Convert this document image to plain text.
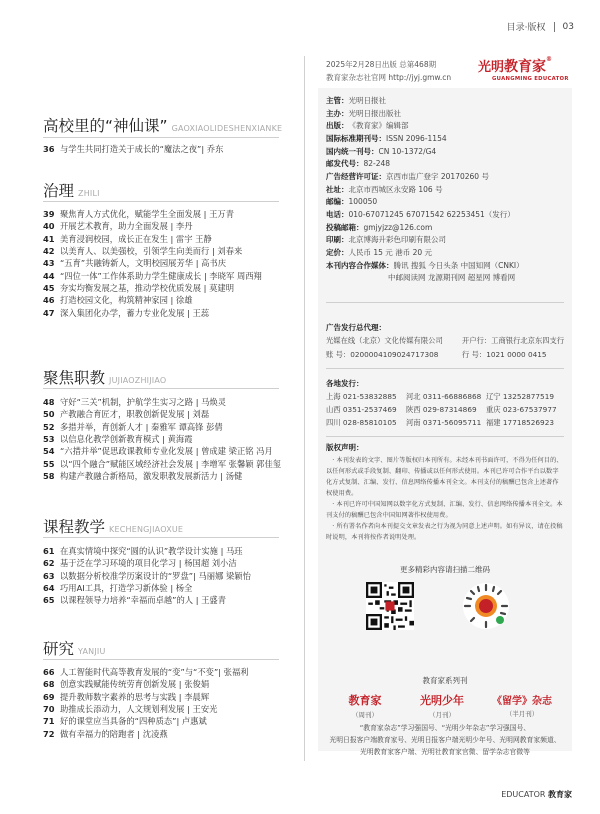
目录·版权 03
高校里的“神仙课” GAOXIAOLIDESHENXIANKE
36 与学生共同打造关于成长的“魔法之夜”| 乔东
治理 ZHILI
39 聚焦育人方式优化，赋能学生全面发展 | 王万青
40 开展艺术教育，助力全面发展 | 李丹
41 美育浸润校园，成长正在发生 | 雷宇 王静
42 以美育人、以美强校，引领学生向美而行 | 刘春来
43 “五育”共融铸新人，文明校园展芳华 | 高书庆
44 “四位一体”工作体系助力学生健康成长 | 李晓军 周西翔
45 夯实均衡发展之基，推动学校优质发展 | 莫建明
46 打造校园文化，构筑精神家园 | 徐雄
47 深入集团化办学，蓄力专业化发展 | 王蕊
聚焦职教 JUJIAOZHIJIAO
48 守好“三关”机制，护航学生实习之路 | 马焕灵
50 产教融合育匠才，职教创新促发展 | 刘磊
52 多措并举，育创新人才 | 秦雅军 谭高锋 彭倩
53 以信息化教学创新教育模式 | 黄海霞
54 “六措并举”促思政课教师专业化发展 | 曾成建 梁正铭 冯月
55 以“四个融合”赋能区域经济社会发展 | 李增军 张馨颖 郭佳玺
58 构建产教融合新格局，激发职教发展新活力 | 汤健
课程教学 KECHENGJIAOXUE
61 在真实情境中探究“圆的认识”教学设计实施 | 马珏
62 基于泛在学习环境的项目化学习 | 杨国超 刘小洁
63 以数据分析校准学历案设计的“罗盘”| 马丽娜 梁颖怡
64 巧用AI工具，打造学习新体验 | 杨全
65 以课程领导力培养“幸福而卓越”的人 | 王盛青
研究 YANJIU
66 人工智能时代高等教育发展的“变”与“不变”| 张福利
68 创意实践赋能传统劳育创新发展 | 张俊娟
69 提升教师数字素养的思考与实践 | 李晨辉
70 助推成长添动力，人文规划利发展 | 王安光
71 好的课堂应当具备的“四种质态”| 卢惠斌
72 做有幸福力的陪跑者 | 沈凌燕
2025年2月28日出版 总第468期
教育家杂志社官网 http://jyj.gmw.cn
光明教育家®
GUANGMING EDUCATOR
主管： 光明日报社
主办： 光明日报出版社
出版： 《教育家》编辑部
国际标准期刊号： ISSN 2096-1154
国内统一刊号： CN 10-1372/G4
邮发代号： 82-248
广告经营许可证： 京西市监广登字 20170260 号
社址： 北京市西城区永安路 106 号
邮编： 100050
电话： 010-67071245 67071542 62253451（发行）
投稿邮箱： gmjyjzz@126.com
印刷： 北京博海升彩色印刷有限公司
定价： 人民币 15 元 港币 20 元
本刊内容合作媒体： 腾讯 搜狐 今日头条 中国知网（CNKI）
中邮阅读网 龙源期刊网 超星网 博看网
广告发行总代理：
光媒在线（北京）文化传媒有限公司	开户行：工商银行北京东四支行
账 号：0200004109024717308	行 号：1021 0000 0415
各地发行：
上海 021-53832885	河北 0311-66886868 辽宁 13252877519
山西 0351-2537469	陕西 029-87314869	重庆 023-67537977
四川 028-85810105	河南 0371-56095711 福建 17718526923
版权声明：

· 本刊发表的文字、图片等版权归本刊所有。未经本刊书面许可，不得为任何目的、以任何形式或手段复制、翻印、传播或以任何形式使用。本刊已许可合作平台以数字化方式复制、汇编、发行、信息网络传播本刊全文。本刊支付的稿酬已包含上述著作权使用费。

· 本刊已许可中国知网以数字化方式复制、汇编、发行、信息网络传播本刊全文。本刊支付的稿酬已包含中国知网著作权使用费。

· 所有署名作者向本刊提交文章发表之行为视为同意上述声明。如有异议，请在投稿时说明，本刊将按作者说明处理。

更多精彩内容请扫描二维码
教育家系列刊
教育家
（周刊）
光明少年
（月刊）
《留学》杂志
（半月刊）
“教育家杂志”学习强国号、“光明少年杂志”学习强国号、
光明日报客户端教育家号、光明日报客户端光明少年号、光明网教育家频道、
光明教育家客户端、光明社教育家官微、留学杂志官微等
EDUCATOR 教育家
